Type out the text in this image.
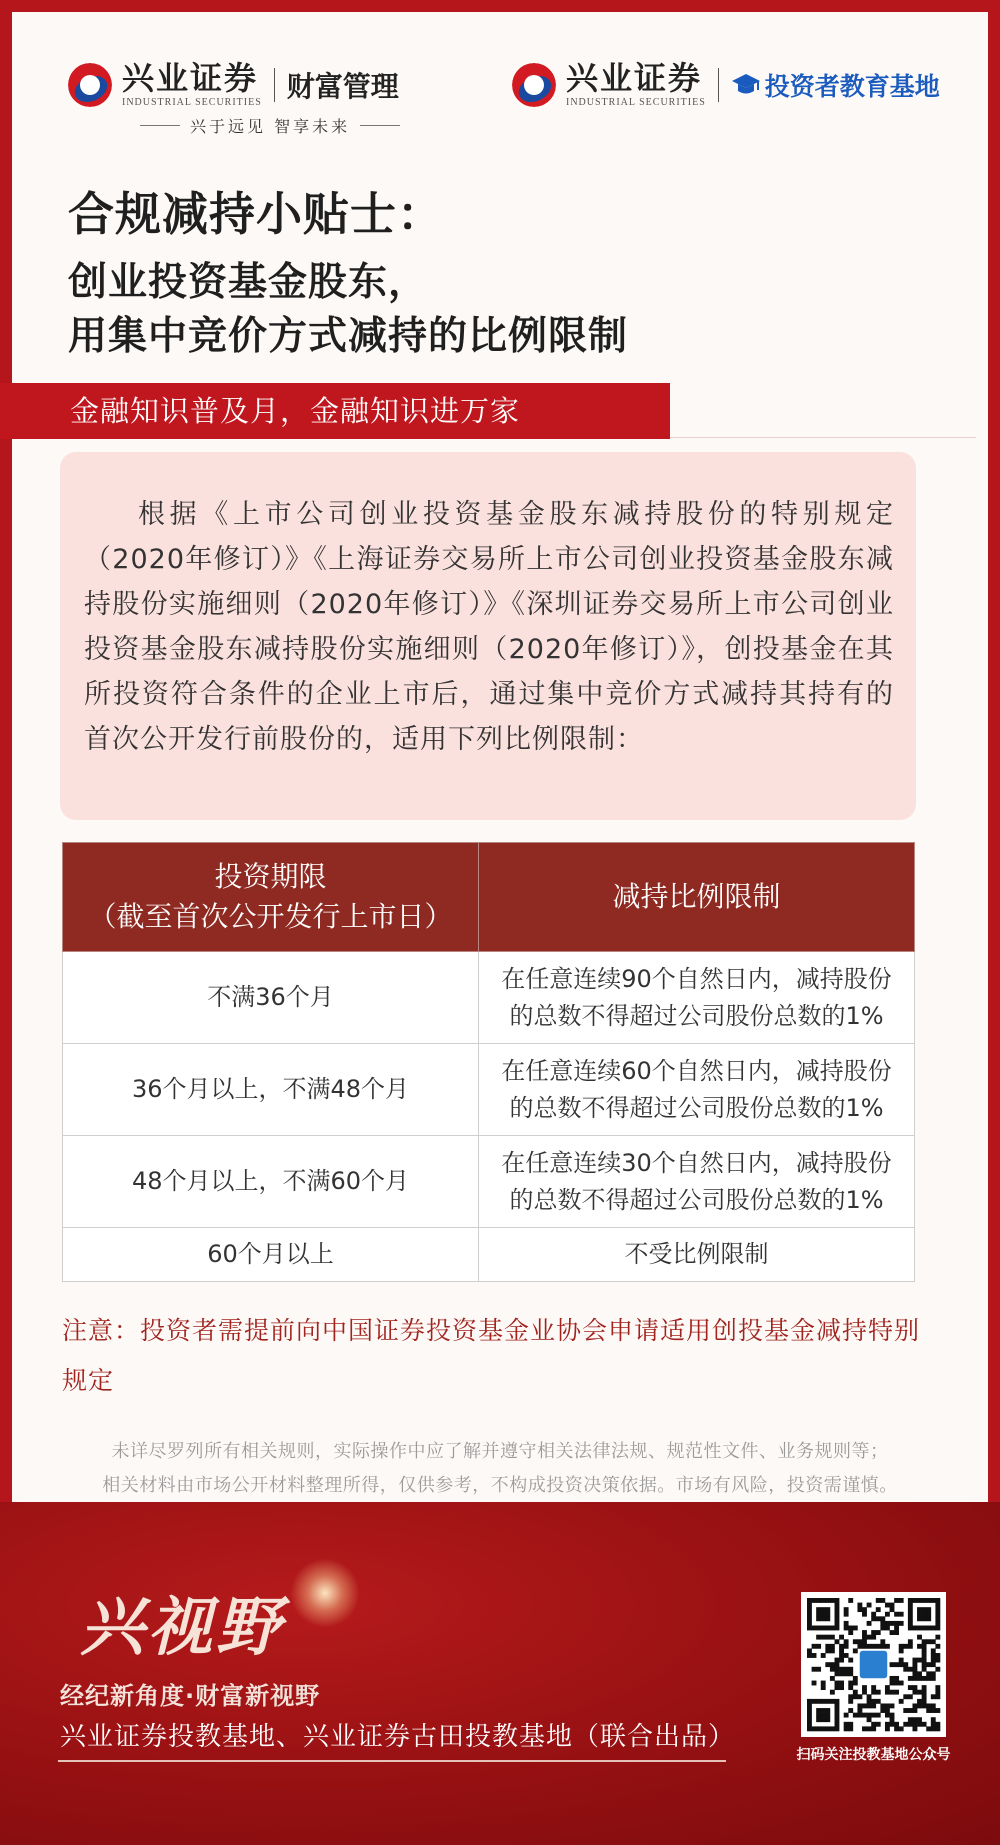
兴业证券
INDUSTRIAL SECURITIES 财富管理
兴于远见 智享未来
兴业证券
INDUSTRIAL SECURITIES
投资者教育基地
合规减持小贴士：
创业投资基金股东，
用集中竞价方式减持的比例限制
金融知识普及月，金融知识进万家

根据《上市公司创业投资基金股东减持股份的特别规定（2020年修订）》《上海证券交易所上市公司创业投资基金股东减持股份实施细则（2020年修订）》《深圳证券交易所上市公司创业投资基金股东减持股份实施细则（2020年修订）》，创投基金在其所投资符合条件的企业上市后，通过集中竞价方式减持其持有的首次公开发行前股份的，适用下列比例限制：

投资期限
（截至首次公开发行上市日）	减持比例限制
不满36个月	在任意连续90个自然日内，减持股份
的总数不得超过公司股份总数的1%

36个月以上，不满48个月	在任意连续60个自然日内，减持股份
的总数不得超过公司股份总数的1%

48个月以上，不满60个月	在任意连续30个自然日内，减持股份
的总数不得超过公司股份总数的1%

60个月以上	不受比例限制
注意：投资者需提前向中国证券投资基金业协会申请适用创投基金减持特别规定
未详尽罗列所有相关规则，实际操作中应了解并遵守相关法律法规、规范性文件、业务规则等；
相关材料由市场公开材料整理所得，仅供参考，不构成投资决策依据。市场有风险，投资需谨慎。
兴视野
经纪新角度·财富新视野
兴业证券投教基地、兴业证券古田投教基地（联合出品）
扫码关注投教基地公众号
